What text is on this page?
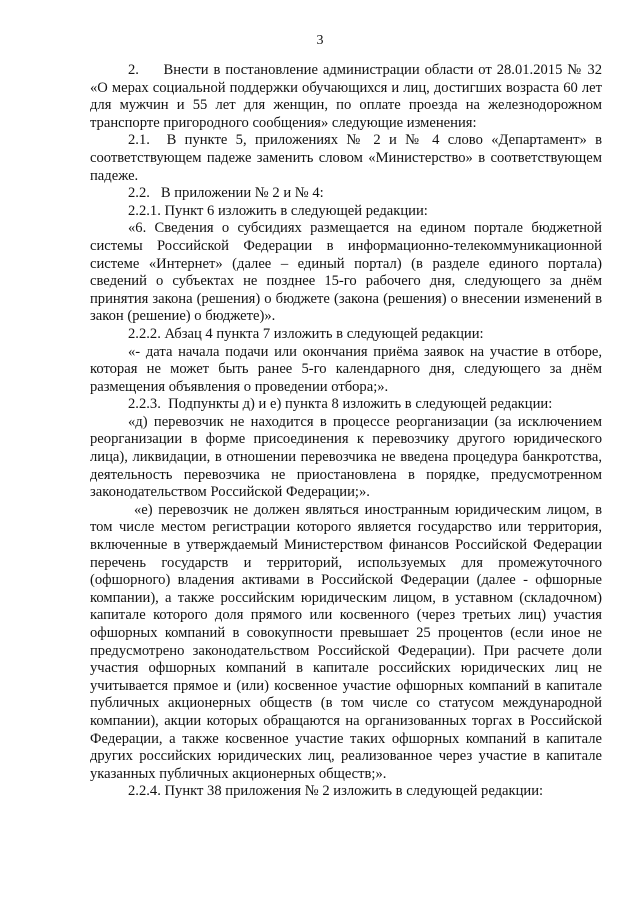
3

2.     Внести в постановление администрации области от 28.01.2015 № 32 «О мерах социальной поддержки обучающихся и лиц, достигших возраста 60 лет для мужчин и 55 лет для женщин, по оплате проезда на железнодорожном транспорте пригородного сообщения» следующие изменения:

2.1.  В пункте 5, приложениях № 2 и № 4 слово «Департамент» в соответствующем падеже заменить словом «Министерство» в соответствующем падеже.

2.2.   В приложении № 2 и № 4:

2.2.1. Пункт 6 изложить в следующей редакции:

«6. Сведения о субсидиях размещается на едином портале бюджетной системы Российской Федерации в информационно-телекоммуникационной системе «Интернет» (далее – единый портал) (в разделе единого портала) сведений о субъектах не позднее 15-го рабочего дня, следующего за днём принятия закона (решения) о бюджете (закона (решения) о внесении изменений в закон (решение) о бюджете)».

2.2.2. Абзац 4 пункта 7 изложить в следующей редакции:

«- дата начала подачи или окончания приёма заявок на участие в отборе, которая не может быть ранее 5-го календарного дня, следующего за днём размещения объявления о проведении отбора;».

2.2.3.  Подпункты д) и е) пункта 8 изложить в следующей редакции:

«д) перевозчик не находится в процессе реорганизации (за исключением реорганизации в форме присоединения к перевозчику другого юридического лица), ликвидации, в отношении перевозчика не введена процедура банкротства, деятельность перевозчика не приостановлена в порядке, предусмотренном законодательством Российской Федерации;».

«е) перевозчик не должен являться иностранным юридическим лицом, в том числе местом регистрации которого является государство или территория, включенные в утверждаемый Министерством финансов Российской Федерации перечень государств и территорий, используемых для промежуточного (офшорного) владения активами в Российской Федерации (далее - офшорные компании), а также российским юридическим лицом, в уставном (складочном) капитале которого доля прямого или косвенного (через третьих лиц) участия офшорных компаний в совокупности превышает 25 процентов (если иное не предусмотрено законодательством Российской Федерации). При расчете доли участия офшорных компаний в капитале российских юридических лиц не учитывается прямое и (или) косвенное участие офшорных компаний в капитале публичных акционерных обществ (в том числе со статусом международной компании), акции которых обращаются на организованных торгах в Российской Федерации, а также косвенное участие таких офшорных компаний в капитале других российских юридических лиц, реализованное через участие в капитале указанных публичных акционерных обществ;».

2.2.4. Пункт 38 приложения № 2 изложить в следующей редакции:
